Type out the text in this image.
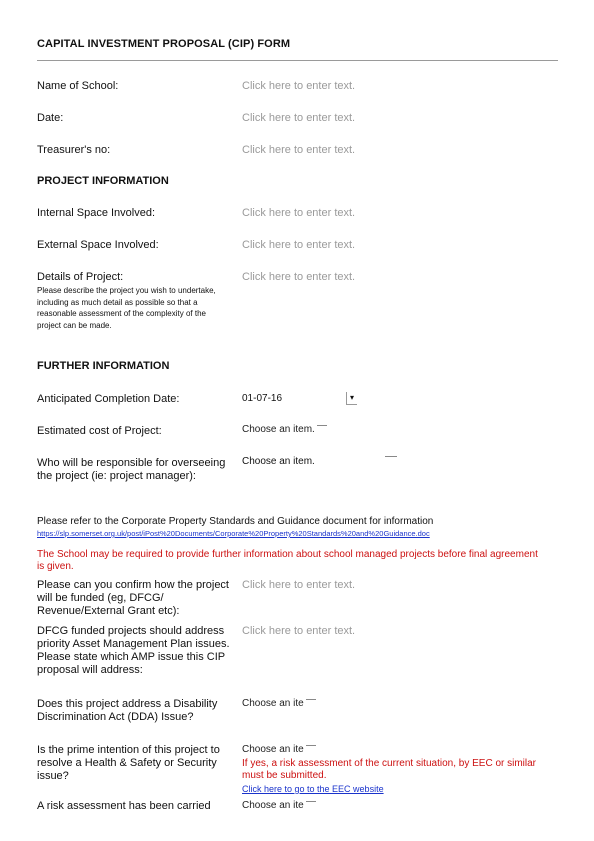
CAPITAL INVESTMENT PROPOSAL (CIP) FORM
Name of School:	Click here to enter text.
Date:	Click here to enter text.
Treasurer's no:	Click here to enter text.
PROJECT INFORMATION
Internal Space Involved:	Click here to enter text.
External Space Involved:	Click here to enter text.
Details of Project:
Please describe the project you wish to undertake, including as much detail as possible so that a reasonable assessment of the complexity of the project can be made.
Click here to enter text.
FURTHER INFORMATION
Anticipated Completion Date:	01-07-16	▾
Estimated cost of Project:	Choose an item.
Who will be responsible for overseeing the project (ie: project manager):
Choose an item.
Please refer to the Corporate Property Standards and Guidance document for information
https://slp.somerset.org.uk/post/iPost%20Documents/Corporate%20Property%20Standards%20and%20Guidance.doc
The School may be required to provide further information about school managed projects before final agreement is given.
Please can you confirm how the project will be funded (eg, DFCG/ Revenue/External Grant etc):
Click here to enter text.
DFCG funded projects should address priority Asset Management Plan issues. Please state which AMP issue this CIP proposal will address:
Click here to enter text.
Does this project address a Disability Discrimination Act (DDA) Issue?
Choose an ite
Is the prime intention of this project to resolve a Health & Safety or Security issue?
Choose an ite
If yes, a risk assessment of the current situation, by EEC or similar must be submitted.
Click here to go to the EEC website
A risk assessment has been carried	Choose an ite
